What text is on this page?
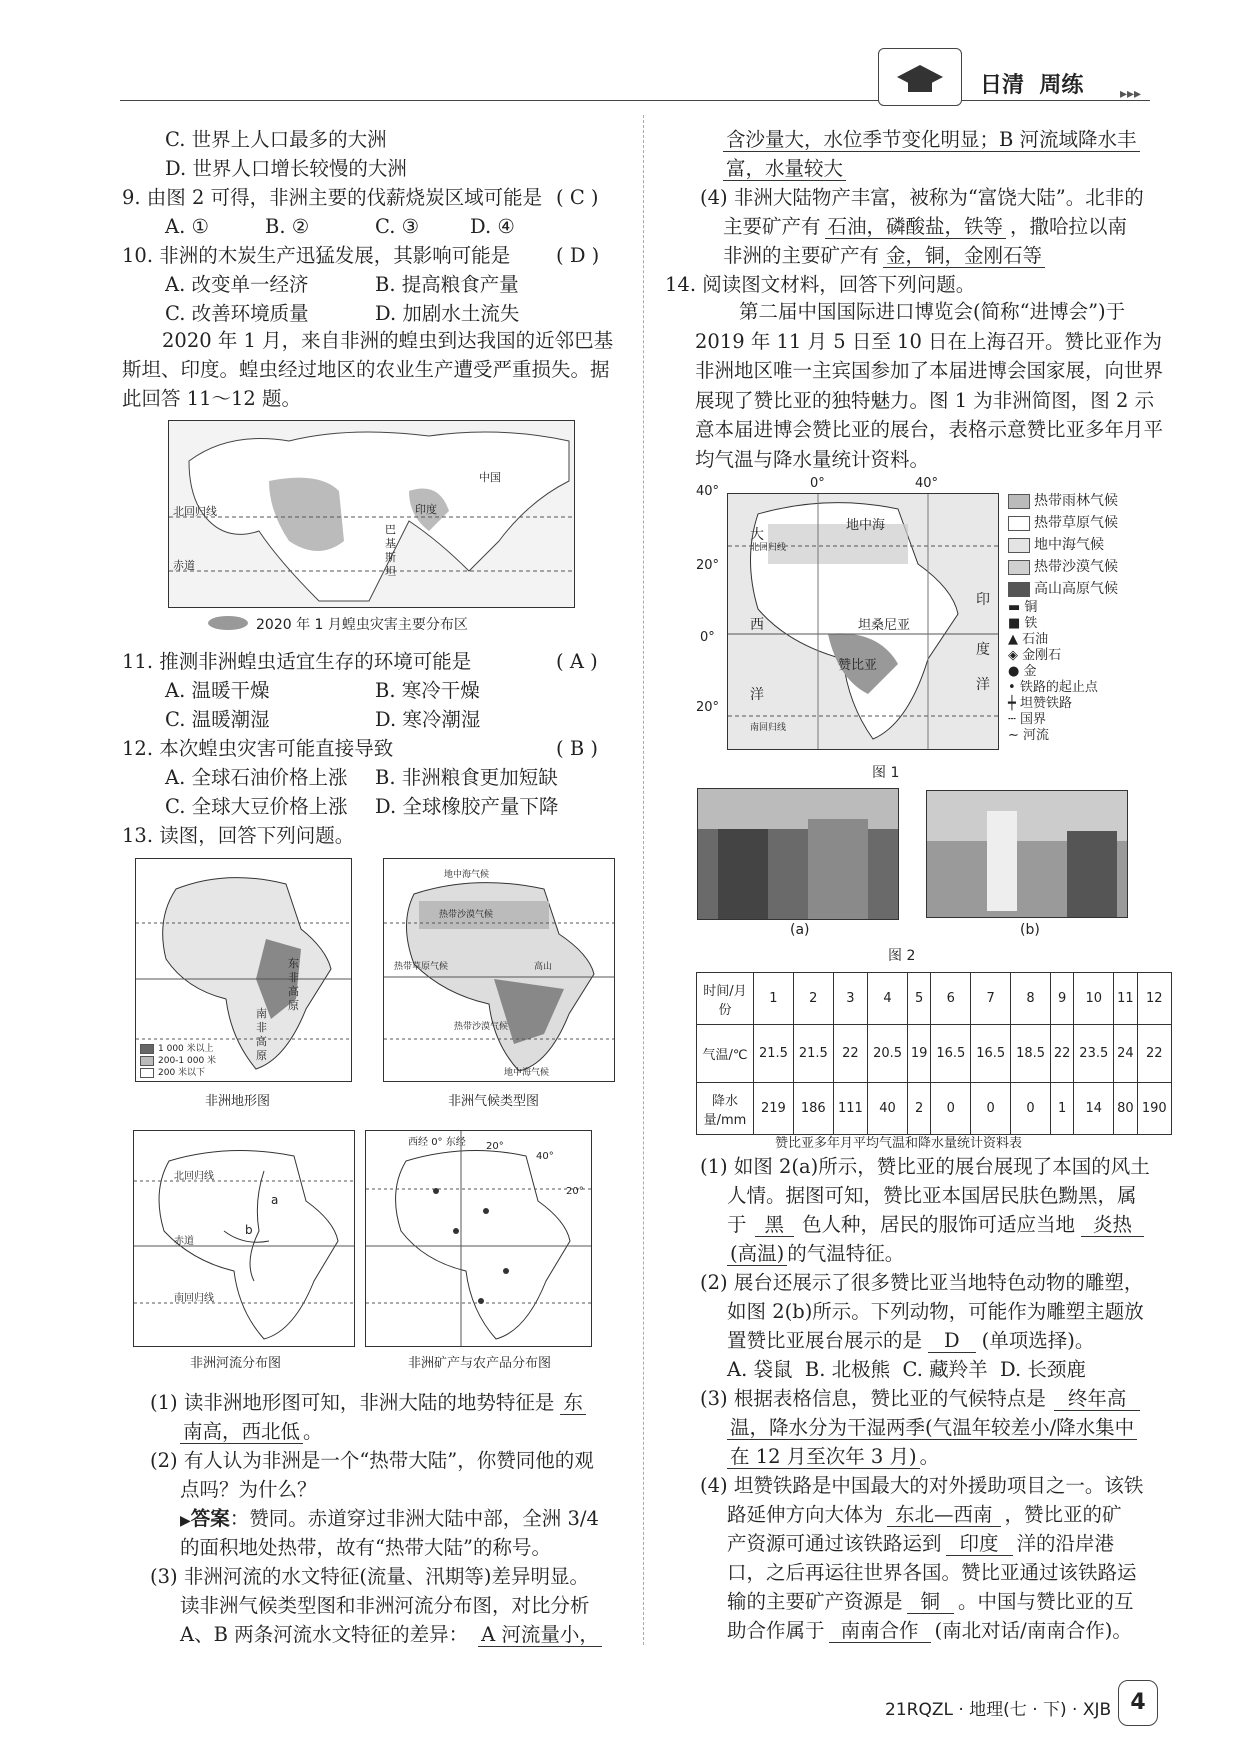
日清  周练	▸▸▸
C. 世界上人口最多的大洲
D. 世界人口增长较慢的大洲
9. 由图 2 可得，非洲主要的伐薪烧炭区域可能是 ( C )
A. ①	B. ②	C. ③	D. ④
10. 非洲的木炭生产迅猛发展，其影响可能是 ( D )
A. 改变单一经济	B. 提高粮食产量
C. 改善环境质量	D. 加剧水土流失
2020 年 1 月，来自非洲的蝗虫到达我国的近邻巴基斯坦、印度。蝗虫经过地区的农业生产遭受严重损失。据此回答 11～12 题。
中国
印度
巴基斯坦
北回归线
赤道
2020 年 1 月蝗虫灾害主要分布区
11. 推测非洲蝗虫适宜生存的环境可能是	( A )
A. 温暖干燥	B. 寒冷干燥
C. 温暖潮湿	D. 寒冷潮湿
12. 本次蝗虫灾害可能直接导致	( B )
A. 全球石油价格上涨 B. 非洲粮食更加短缺
C. 全球大豆价格上涨 D. 全球橡胶产量下降
13. 读图，回答下列问题。
东
非
高
原
南
非
高
原
1 000 米以上
200-1 000 米
200 米以下
非洲地形图
地中海气候
热带沙漠气候
热带草原气候	高山
热带沙漠气候
地中海气候
非洲气候类型图
北回归线
赤道
南回归线
a
b
非洲河流分布图
西经 0° 东经 20°
40°
20°
非洲矿产与农产品分布图
(1) 读非洲地形图可知，非洲大陆的地势特征是 东
南高，西北低 。
(2) 有人认为非洲是一个“热带大陆”，你赞同他的观
点吗？为什么？
▶答案：赞同。赤道穿过非洲大陆中部，全洲 3/4
的面积地处热带，故有“热带大陆”的称号。
(3) 非洲河流的水文特征(流量、汛期等)差异明显。
读非洲气候类型图和非洲河流分布图，对比分析
A、B 两条河流水文特征的差异： A 河流量小，
含沙量大，水位季节变化明显；B 河流域降水丰
富，水量较大
(4) 非洲大陆物产丰富，被称为“富饶大陆”。北非的
主要矿产有 石油，磷酸盐，铁等 ，撒哈拉以南
非洲的主要矿产有 金，铜，金刚石等
14. 阅读图文材料，回答下列问题。
第二届中国国际进口博览会(简称“进博会”)于 2019 年 11 月 5 日至 10 日在上海召开。赞比亚作为非洲地区唯一主宾国参加了本届进博会国家展，向世界展现了赞比亚的独特魅力。图 1 为非洲简图，图 2 示意本届进博会赞比亚的展台，表格示意赞比亚多年月平均气温与降水量统计资料。
地中海
大
北回归线
西
洋
印
度
洋
坦桑尼亚
赞比亚
南回归线
40°
20°
0°
20°
0°	40°
热带雨林气候
热带草原气候
地中海气候
热带沙漠气候
高山高原气候
▬ 铜
■ 铁
▲ 石油
◈ 金刚石
● 金
• 铁路的起止点
┿ 坦赞铁路
┄ 国界
∼ 河流
图 1
(a)	(b)
图 2
时间/月份	1	2	3	4	5	6	7	8	9	10	11	12
气温/℃	21.5	21.5	22	20.5	19	16.5	16.5	18.5	22	23.5	24	22
降水量/mm	219	186	111	40	2	0	0	0	1	14	80	190
赞比亚多年月平均气温和降水量统计资料表
(1) 如图 2(a)所示，赞比亚的展台展现了本国的风土
人情。据图可知，赞比亚本国居民肤色黝黑，属
于 黑 色人种，居民的服饰可适应当地 炎热
(高温) 的气温特征。
(2) 展台还展示了很多赞比亚当地特色动物的雕塑，
如图 2(b)所示。下列动物，可能作为雕塑主题放
置赞比亚展台展示的是 D (单项选择)。
A. 袋鼠  B. 北极熊  C. 藏羚羊  D. 长颈鹿
(3) 根据表格信息，赞比亚的气候特点是 终年高
温，降水分为干湿两季(气温年较差小/降水集中
在 12 月至次年 3 月) 。
(4) 坦赞铁路是中国最大的对外援助项目之一。该铁
路延伸方向大体为 东北—西南 ，赞比亚的矿
产资源可通过该铁路运到 印度 洋的沿岸港
口，之后再运往世界各国。赞比亚通过该铁路运
输的主要矿产资源是 铜 。中国与赞比亚的互
助合作属于 南南合作 (南北对话/南南合作)。
21RQZL · 地理(七 · 下) · XJB 4
